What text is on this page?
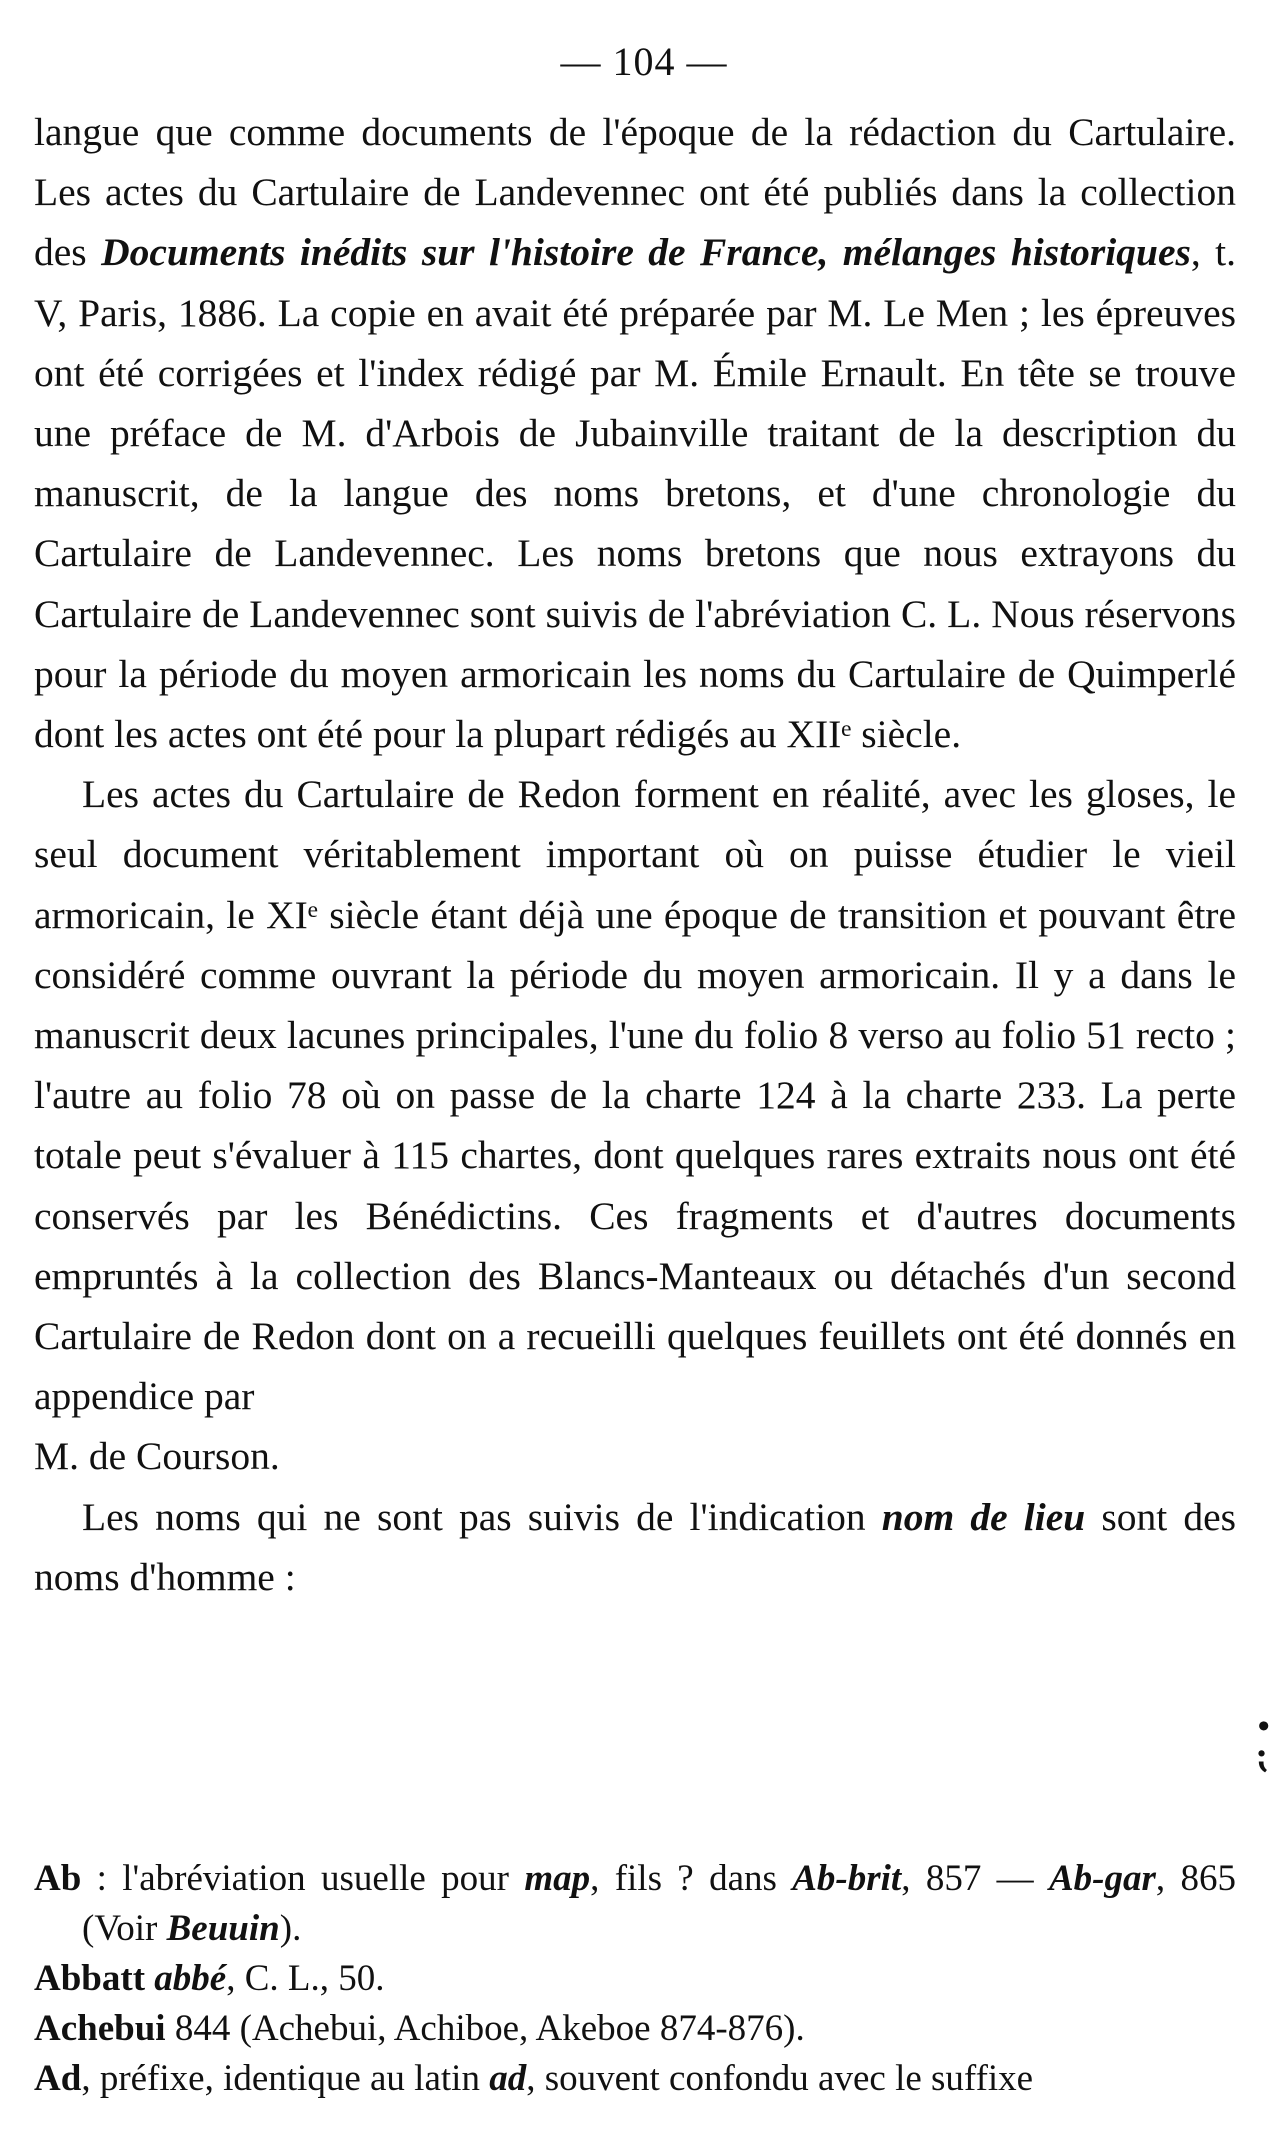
— 104 —

langue que comme documents de l'époque de la rédaction du Cartulaire. Les actes du Cartulaire de Landevennec ont été publiés dans la collection des Documents inédits sur l'histoire de France, mélanges historiques, t. V, Paris, 1886. La copie en avait été préparée par M. Le Men ; les épreuves ont été corrigées et l'index rédigé par M. Émile Ernault. En tête se trouve une préface de M. d'Arbois de Jubainville traitant de la description du manuscrit, de la langue des noms bretons, et d'une chronologie du Cartulaire de Landevennec. Les noms bretons que nous extrayons du Cartulaire de Landevennec sont suivis de l'abréviation C. L. Nous réservons pour la période du moyen armoricain les noms du Cartulaire de Quimperlé dont les actes ont été pour la plupart rédigés au XIIᵉ siècle.

Les actes du Cartulaire de Redon forment en réalité, avec les gloses, le seul document véritablement important où on puisse étudier le vieil armoricain, le XIᵉ siècle étant déjà une époque de transition et pouvant être considéré comme ouvrant la période du moyen armoricain. Il y a dans le manuscrit deux lacunes principales, l'une du folio 8 verso au folio 51 recto ; l'autre au folio 78 où on passe de la charte 124 à la charte 233. La perte totale peut s'évaluer à 115 chartes, dont quelques rares extraits nous ont été conservés par les Bénédictins. Ces fragments et d'autres documents empruntés à la collection des Blancs-Manteaux ou détachés d'un second Cartulaire de Redon dont on a recueilli quelques feuillets ont été donnés en appendice par

M. de Courson.

Les noms qui ne sont pas suivis de l'indication nom de lieu sont des noms d'homme :

•
⁏

Ab : l'abréviation usuelle pour map, fils ? dans Ab-brit, 857 — Ab-gar, 865 (Voir Beuuin).

Abbatt abbé, C. L., 50.

Achebui 844 (Achebui, Achiboe, Akeboe 874-876).

Ad, préfixe, identique au latin ad, souvent confondu avec le suffixe
